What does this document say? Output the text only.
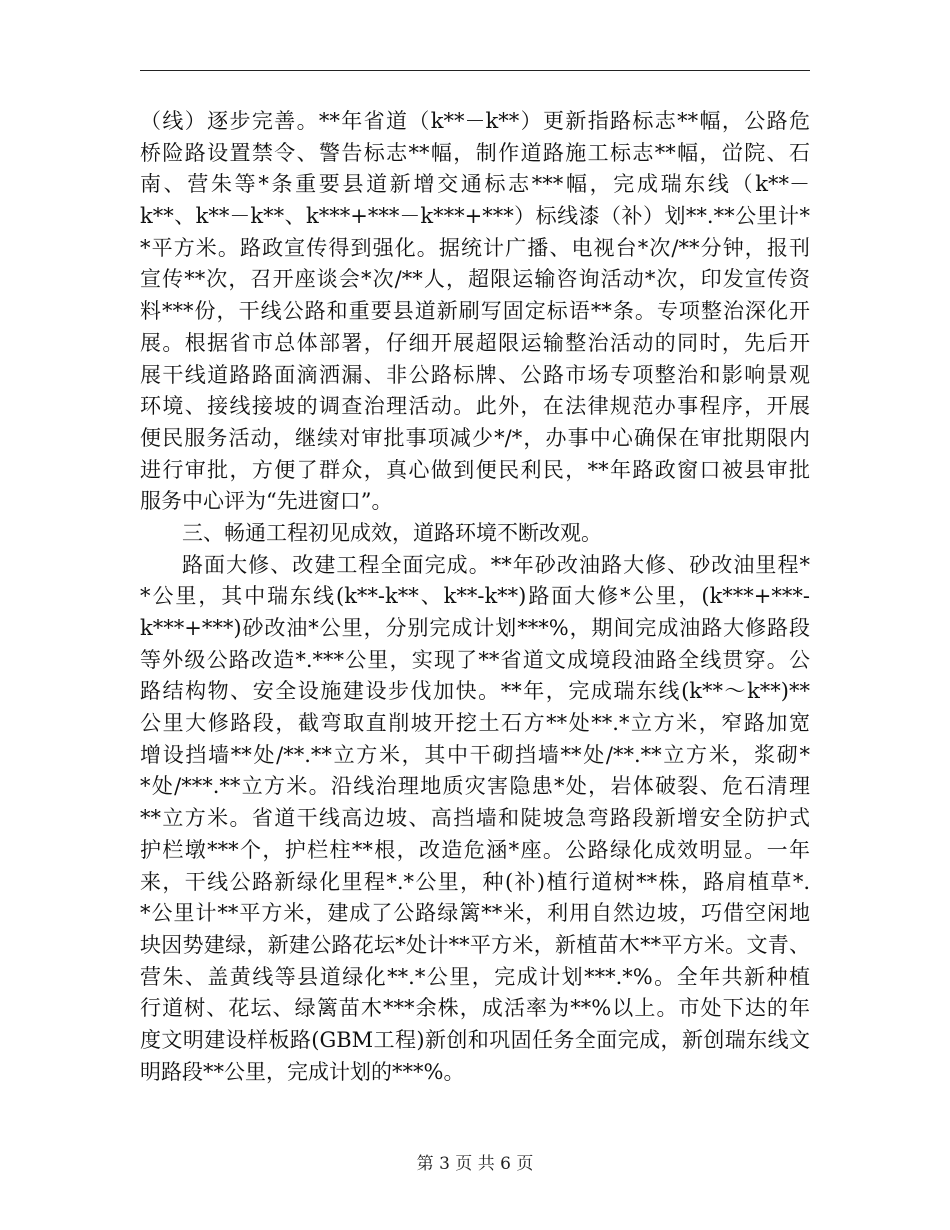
（线）逐步完善。**年省道（k**－k**）更新指路标志**幅，公路危
桥险路设置禁令、警告标志**幅，制作道路施工标志**幅，峃院、石
南、营朱等*条重要县道新增交通标志***幅，完成瑞东线（k**－
k**、k**－k**、k***+***－k***+***）标线漆（补）划**.**公里计*
*平方米。路政宣传得到强化。据统计广播、电视台*次/**分钟，报刊
宣传**次，召开座谈会*次/**人，超限运输咨询活动*次，印发宣传资
料***份，干线公路和重要县道新刷写固定标语**条。专项整治深化开
展。根据省市总体部署，仔细开展超限运输整治活动的同时，先后开
展干线道路路面滴洒漏、非公路标牌、公路市场专项整治和影响景观
环境、接线接坡的调查治理活动。此外，在法律规范办事程序，开展
便民服务活动，继续对审批事项减少*/*，办事中心确保在审批期限内
进行审批，方便了群众，真心做到便民利民，**年路政窗口被县审批
服务中心评为“先进窗口”。
三、畅通工程初见成效，道路环境不断改观。
路面大修、改建工程全面完成。**年砂改油路大修、砂改油里程*
*公里，其中瑞东线(k**-k**、k**-k**)路面大修*公里，(k***+***-
k***+***)砂改油*公里，分别完成计划***%，期间完成油路大修路段
等外级公路改造*.***公里，实现了**省道文成境段油路全线贯穿。公
路结构物、安全设施建设步伐加快。**年，完成瑞东线(k**～k**)**
公里大修路段，截弯取直削坡开挖土石方**处**.*立方米，窄路加宽
增设挡墙**处/**.**立方米，其中干砌挡墙**处/**.**立方米，浆砌*
*处/***.**立方米。沿线治理地质灾害隐患*处，岩体破裂、危石清理
**立方米。省道干线高边坡、高挡墙和陡坡急弯路段新增安全防护式
护栏墩***个，护栏柱**根，改造危涵*座。公路绿化成效明显。一年
来，干线公路新绿化里程*.*公里，种(补)植行道树**株，路肩植草*.
*公里计**平方米，建成了公路绿篱**米，利用自然边坡，巧借空闲地
块因势建绿，新建公路花坛*处计**平方米，新植苗木**平方米。文青、
营朱、盖黄线等县道绿化**.*公里，完成计划***.*%。全年共新种植
行道树、花坛、绿篱苗木***余株，成活率为**%以上。市处下达的年
度文明建设样板路(GBM工程)新创和巩固任务全面完成，新创瑞东线文
明路段**公里，完成计划的***%。
第 3 页 共 6 页
